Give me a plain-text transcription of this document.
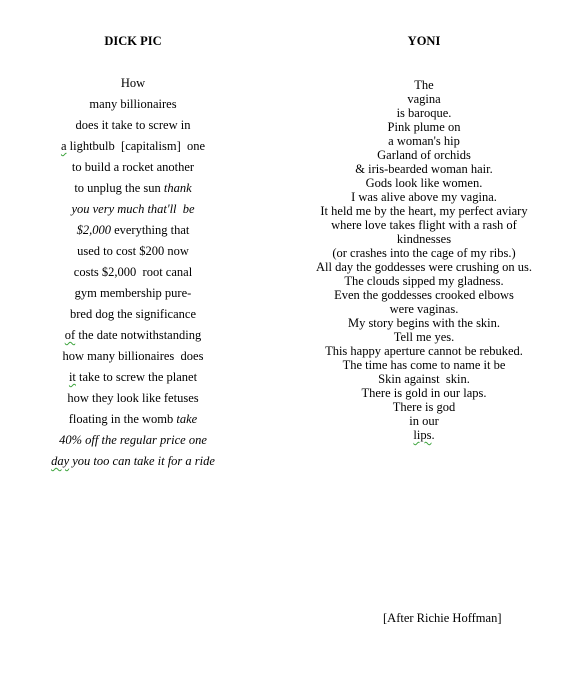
DICK PIC
How
many billionaires
does it take to screw in
a lightbulb  [capitalism]  one
to build a rocket another
to unplug the sun thank
you very much that'll  be
$2,000 everything that
used to cost $200 now
costs $2,000  root canal
gym membership pure-
bred dog the significance
of the date notwithstanding
how many billionaires  does
it take to screw the planet
how they look like fetuses
floating in the womb take
40% off the regular price one
day you too can take it for a ride
YONI
The
vagina
is baroque.
Pink plume on
a woman's hip
Garland of orchids
& iris-bearded woman hair.
Gods look like women.
I was alive above my vagina.
It held me by the heart, my perfect aviary
where love takes flight with a rash of
kindnesses
(or crashes into the cage of my ribs.)
All day the goddesses were crushing on us.
The clouds sipped my gladness.
Even the goddesses crooked elbows
were vaginas.
My story begins with the skin.
Tell me yes.
This happy aperture cannot be rebuked.
The time has come to name it be
Skin against  skin.
There is gold in our laps.
There is god
in our
lips.
[After Richie Hoffman]
